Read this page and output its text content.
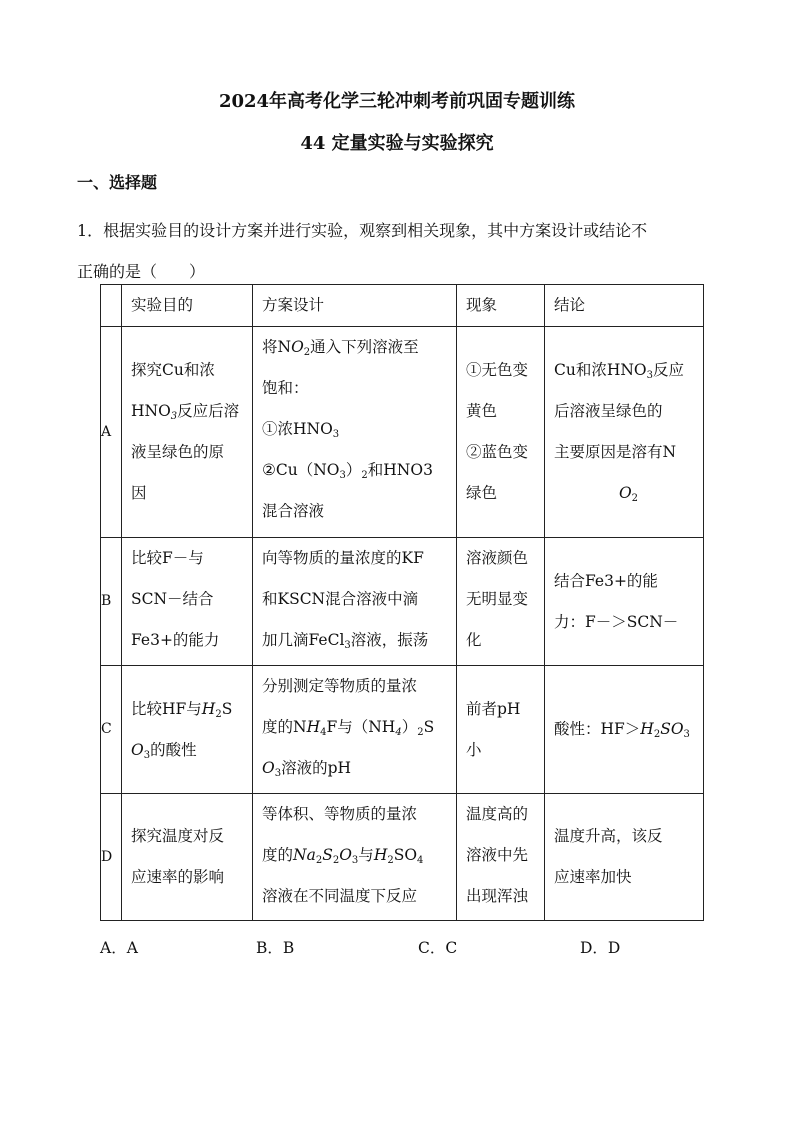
2024年高考化学三轮冲刺考前巩固专题训练
44 定量实验与实验探究
一、选择题
1．根据实验目的设计方案并进行实验，观察到相关现象，其中方案设计或结论不
正确的是（　　）
	实验目的	方案设计	现象	结论
A	探究Cu和浓
$HNO_3$反应后溶
液呈绿色的原
因	将$NO_2$通入下列溶液至
饱和：
①浓$HNO_3$
$②Cu(NO_3)_2$和HNO3
混合溶液	①无色变
黄色
②蓝色变
绿色	Cu和浓$HNO_3$反应
后溶液呈绿色的
主要原因是溶有N
$O_2$

B	比较F－与
SCN－结合
Fe3+的能力	向等物质的量浓度的KF
和KSCN混合溶液中滴
加几滴FeCl$_3$溶液，振荡	溶液颜色
无明显变
化	结合Fe3+的能
力：F－＞SCN－

C	比较HF与$H_2S$
$O_3$的酸性	分别测定等物质的量浓
度的$NH_4F$与$(NH_4)_2S$
$O_3$溶液的pH	前者pH
小	酸性：$HF>H_2SO_3$

D	探究温度对反
应速率的影响	等体积、等物质的量浓
度的$Na_2S_2O_3$与$H_2SO_4$
溶液在不同温度下反应	温度高的
溶液中先
出现浑浊	温度升高，该反
应速率加快
A．A	B．B	C．C	D．D
